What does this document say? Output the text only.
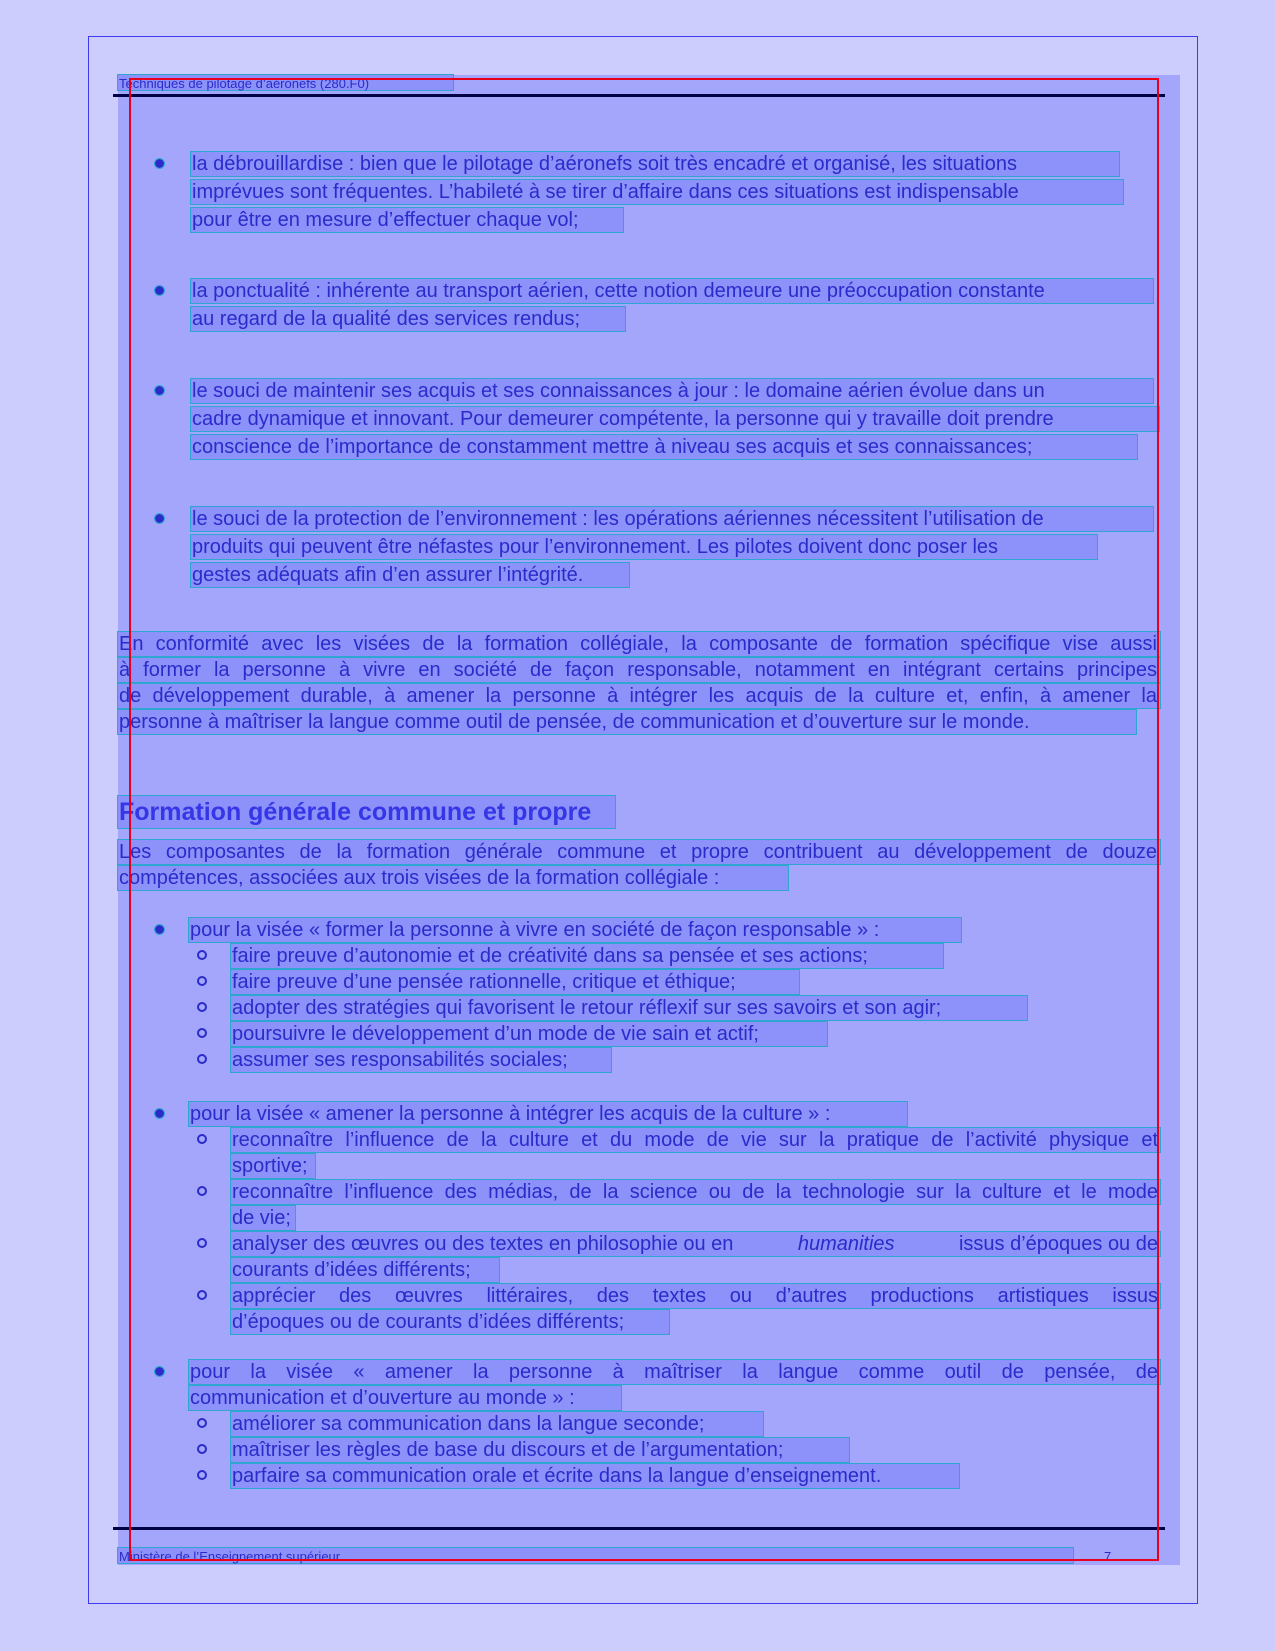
Techniques de pilotage d’aéronefs (280.F0)
la débrouillardise : bien que le pilotage d’aéronefs soit très encadré et organisé, les situations
imprévues sont fréquentes. L’habileté à se tirer d’affaire dans ces situations est indispensable
pour être en mesure d’effectuer chaque vol;
la ponctualité : inhérente au transport aérien, cette notion demeure une préoccupation constante
au regard de la qualité des services rendus;
le souci de maintenir ses acquis et ses connaissances à jour : le domaine aérien évolue dans un
cadre dynamique et innovant. Pour demeurer compétente, la personne qui y travaille doit prendre
conscience de l’importance de constamment mettre à niveau ses acquis et ses connaissances;
le souci de la protection de l’environnement : les opérations aériennes nécessitent l’utilisation de
produits qui peuvent être néfastes pour l’environnement. Les pilotes doivent donc poser les
gestes adéquats afin d’en assurer l’intégrité.
En conformité avec les visées de la formation collégiale, la composante de formation spécifique vise aussi
à former la personne à vivre en société de façon responsable, notamment en intégrant certains principes
de développement durable, à amener la personne à intégrer les acquis de la culture et, enfin, à amener la
personne à maîtriser la langue comme outil de pensée, de communication et d’ouverture sur le monde.
Formation générale commune et propre
Les composantes de la formation générale commune et propre contribuent au développement de douze
compétences, associées aux trois visées de la formation collégiale :
pour la visée « former la personne à vivre en société de façon responsable » :
faire preuve d’autonomie et de créativité dans sa pensée et ses actions;
faire preuve d’une pensée rationnelle, critique et éthique;
adopter des stratégies qui favorisent le retour réflexif sur ses savoirs et son agir;
poursuivre le développement d’un mode de vie sain et actif;
assumer ses responsabilités sociales;
pour la visée « amener la personne à intégrer les acquis de la culture » :
reconnaître l’influence de la culture et du mode de vie sur la pratique de l’activité physique et
sportive;
reconnaître l’influence des médias, de la science ou de la technologie sur la culture et le mode
de vie;
analyser des œuvres ou des textes en philosophie ou en	humanities	issus d’époques ou de
courants d’idées différents;
apprécier des œuvres littéraires, des textes ou d’autres productions artistiques issus
d’époques ou de courants d’idées différents;
pour la visée « amener la personne à maîtriser la langue comme outil de pensée, de
communication et d’ouverture au monde » :
améliorer sa communication dans la langue seconde;
maîtriser les règles de base du discours et de l’argumentation;
parfaire sa communication orale et écrite dans la langue d’enseignement.
Ministère de l’Enseignement supérieur	7
